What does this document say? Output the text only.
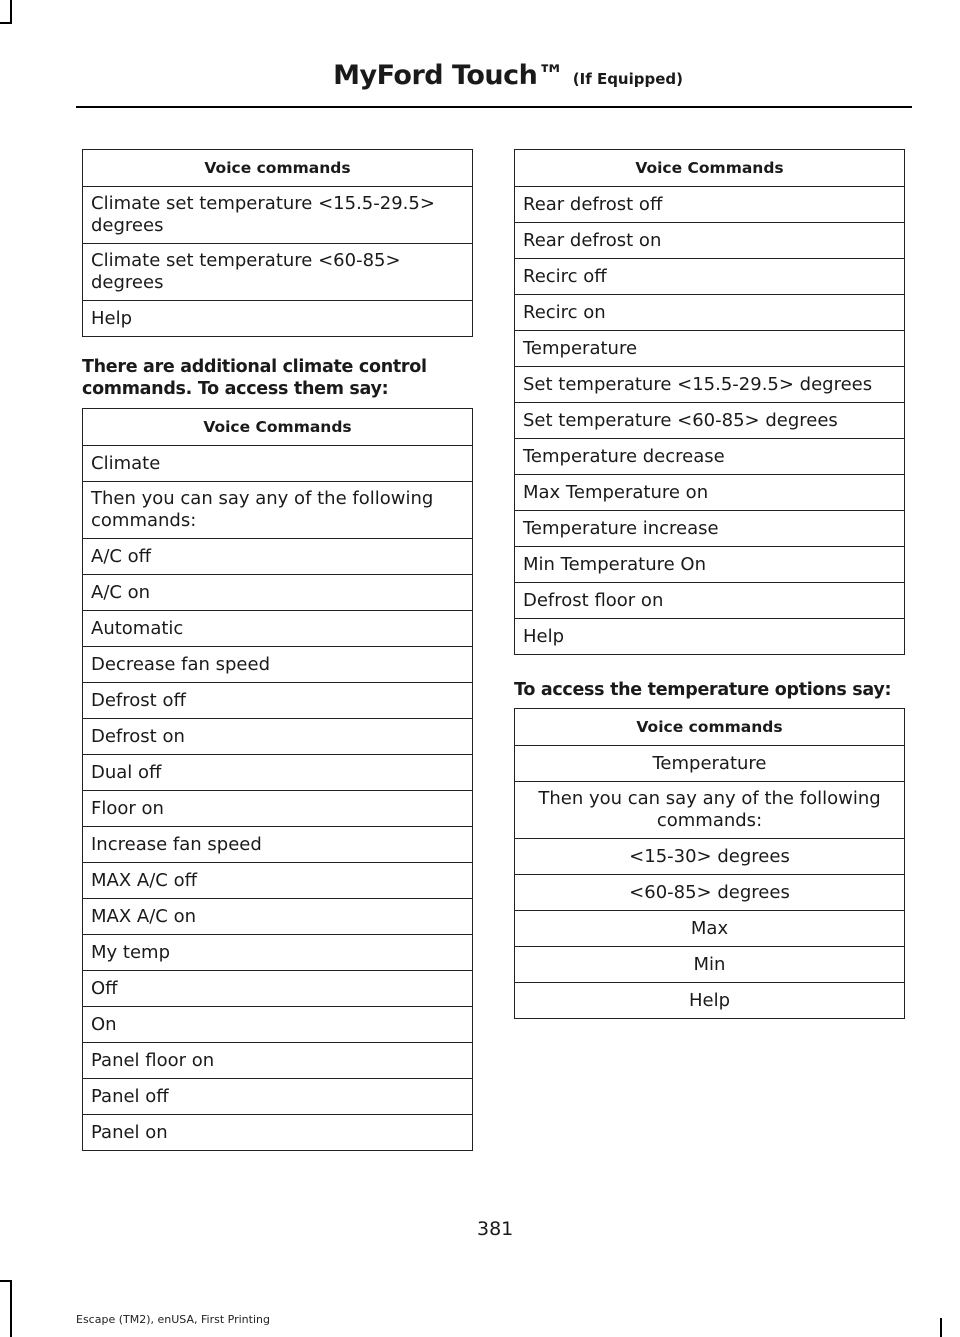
MyFord Touch™ (If Equipped)
Voice commands
Climate set temperature <15.5-29.5> degrees
Climate set temperature <60-85> degrees
Help

There are additional climate control commands. To access them say:

Voice Commands
Climate
Then you can say any of the following commands:
A/C off
A/C on
Automatic
Decrease fan speed
Defrost off
Defrost on
Dual off
Floor on
Increase fan speed
MAX A/C off
MAX A/C on
My temp
Off
On
Panel floor on
Panel off
Panel on
Voice Commands
Rear defrost off
Rear defrost on
Recirc off
Recirc on
Temperature
Set temperature <15.5-29.5> degrees
Set temperature <60-85> degrees
Temperature decrease
Max Temperature on
Temperature increase
Min Temperature On
Defrost floor on
Help

To access the temperature options say:

Voice commands
Temperature
Then you can say any of the following commands:
<15-30> degrees
<60-85> degrees
Max
Min
Help
381
Escape (TM2), enUSA, First Printing
